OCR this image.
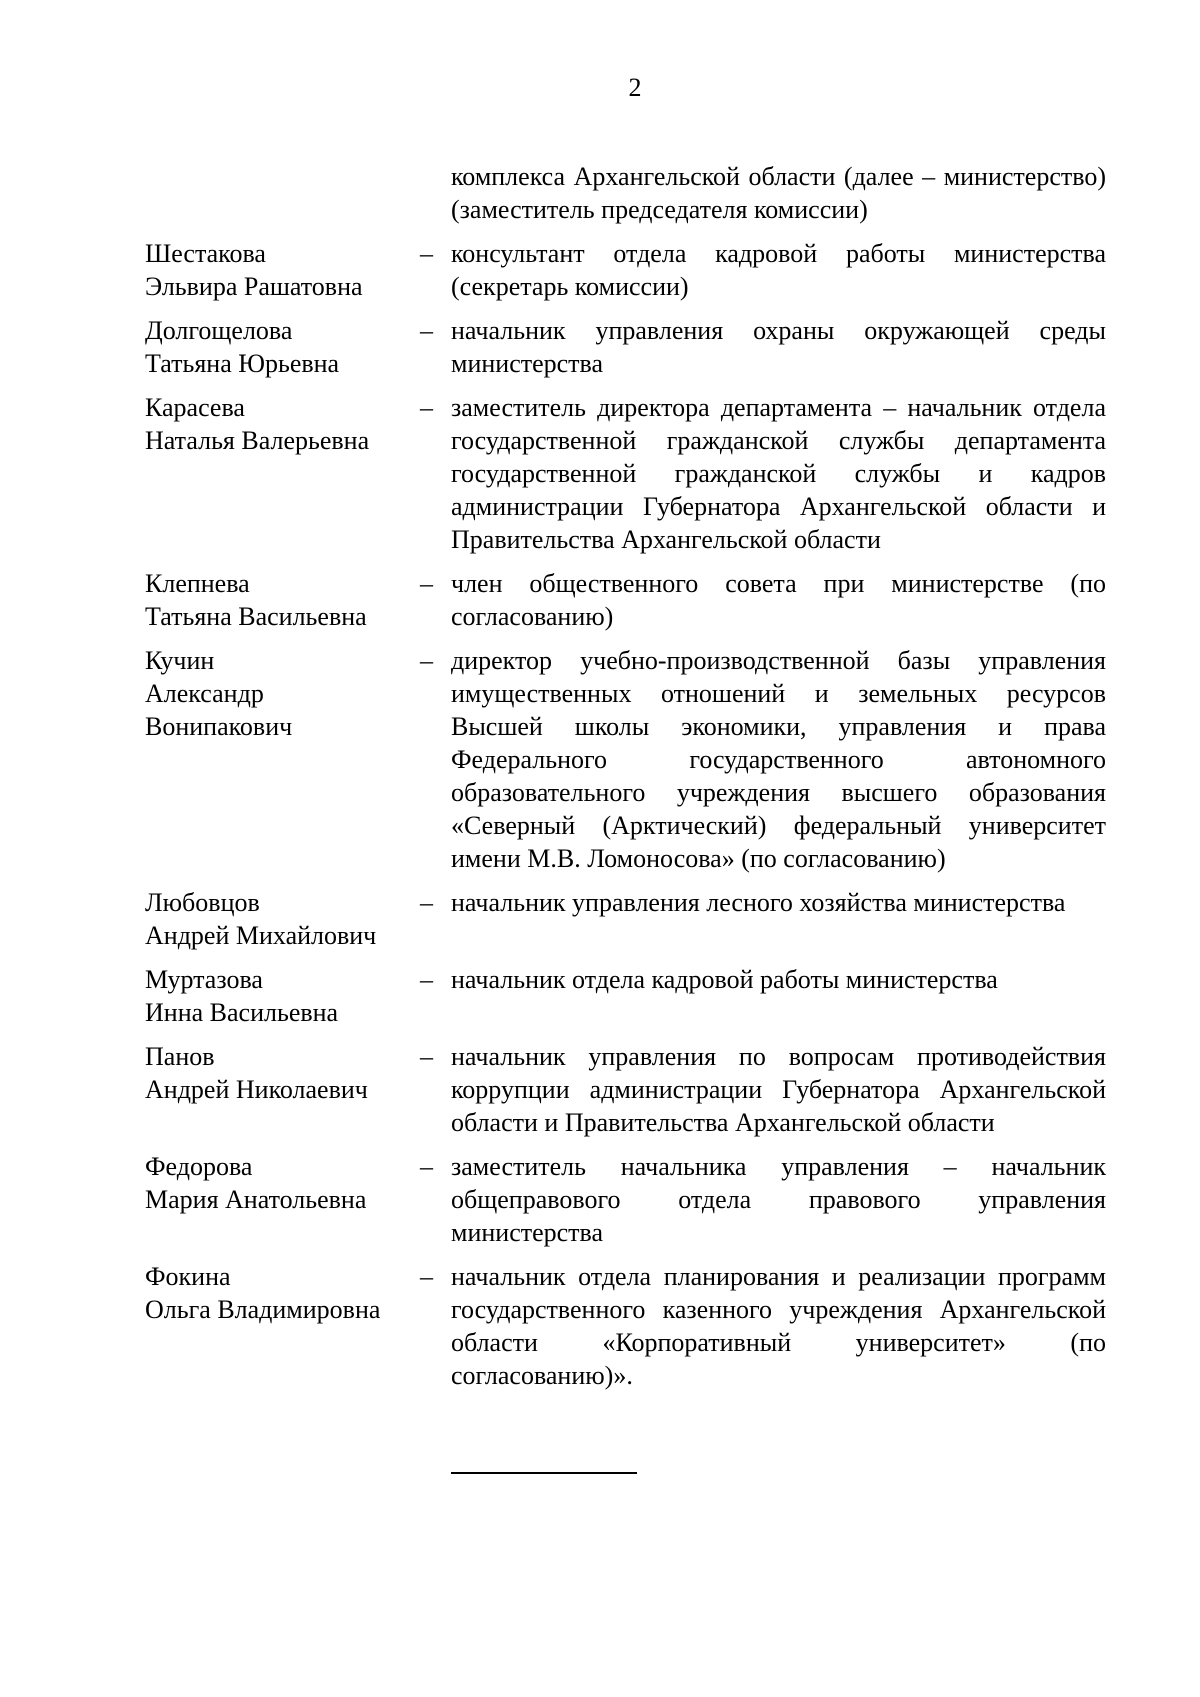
2
комплекса Архангельской области (далее – министерство) (заместитель председателя комиссии)
Шестакова
Эльвира Рашатовна
– консультант отдела кадровой работы министерства (секретарь комиссии)
Долгощелова
Татьяна Юрьевна
– начальник управления охраны окружающей среды министерства
Карасева
Наталья Валерьевна
– заместитель директора департамента – начальник отдела государственной гражданской службы департамента государственной гражданской службы и кадров администрации Губернатора Архангельской области и Правительства Архангельской области
Клепнева
Татьяна Васильевна
– член общественного совета при министерстве (по согласованию)
Кучин
Александр
Вонипакович
– директор учебно-производственной базы управления имущественных отношений и земельных ресурсов Высшей школы экономики, управления и права Федерального государственного автономного образовательного учреждения высшего образования «Северный (Арктический) федеральный университет имени М.В. Ломоносова» (по согласованию)
Любовцов
Андрей Михайлович
– начальник управления лесного хозяйства министерства
Муртазова
Инна Васильевна
– начальник отдела кадровой работы министерства
Панов
Андрей Николаевич
– начальник управления по вопросам противодействия коррупции администрации Губернатора Архангельской области и Правительства Архангельской области
Федорова
Мария Анатольевна
– заместитель начальника управления – начальник общеправового отдела правового управления министерства
Фокина
Ольга Владимировна
– начальник отдела планирования и реализации программ государственного казенного учреждения Архангельской области «Корпоративный университет» (по согласованию)».
